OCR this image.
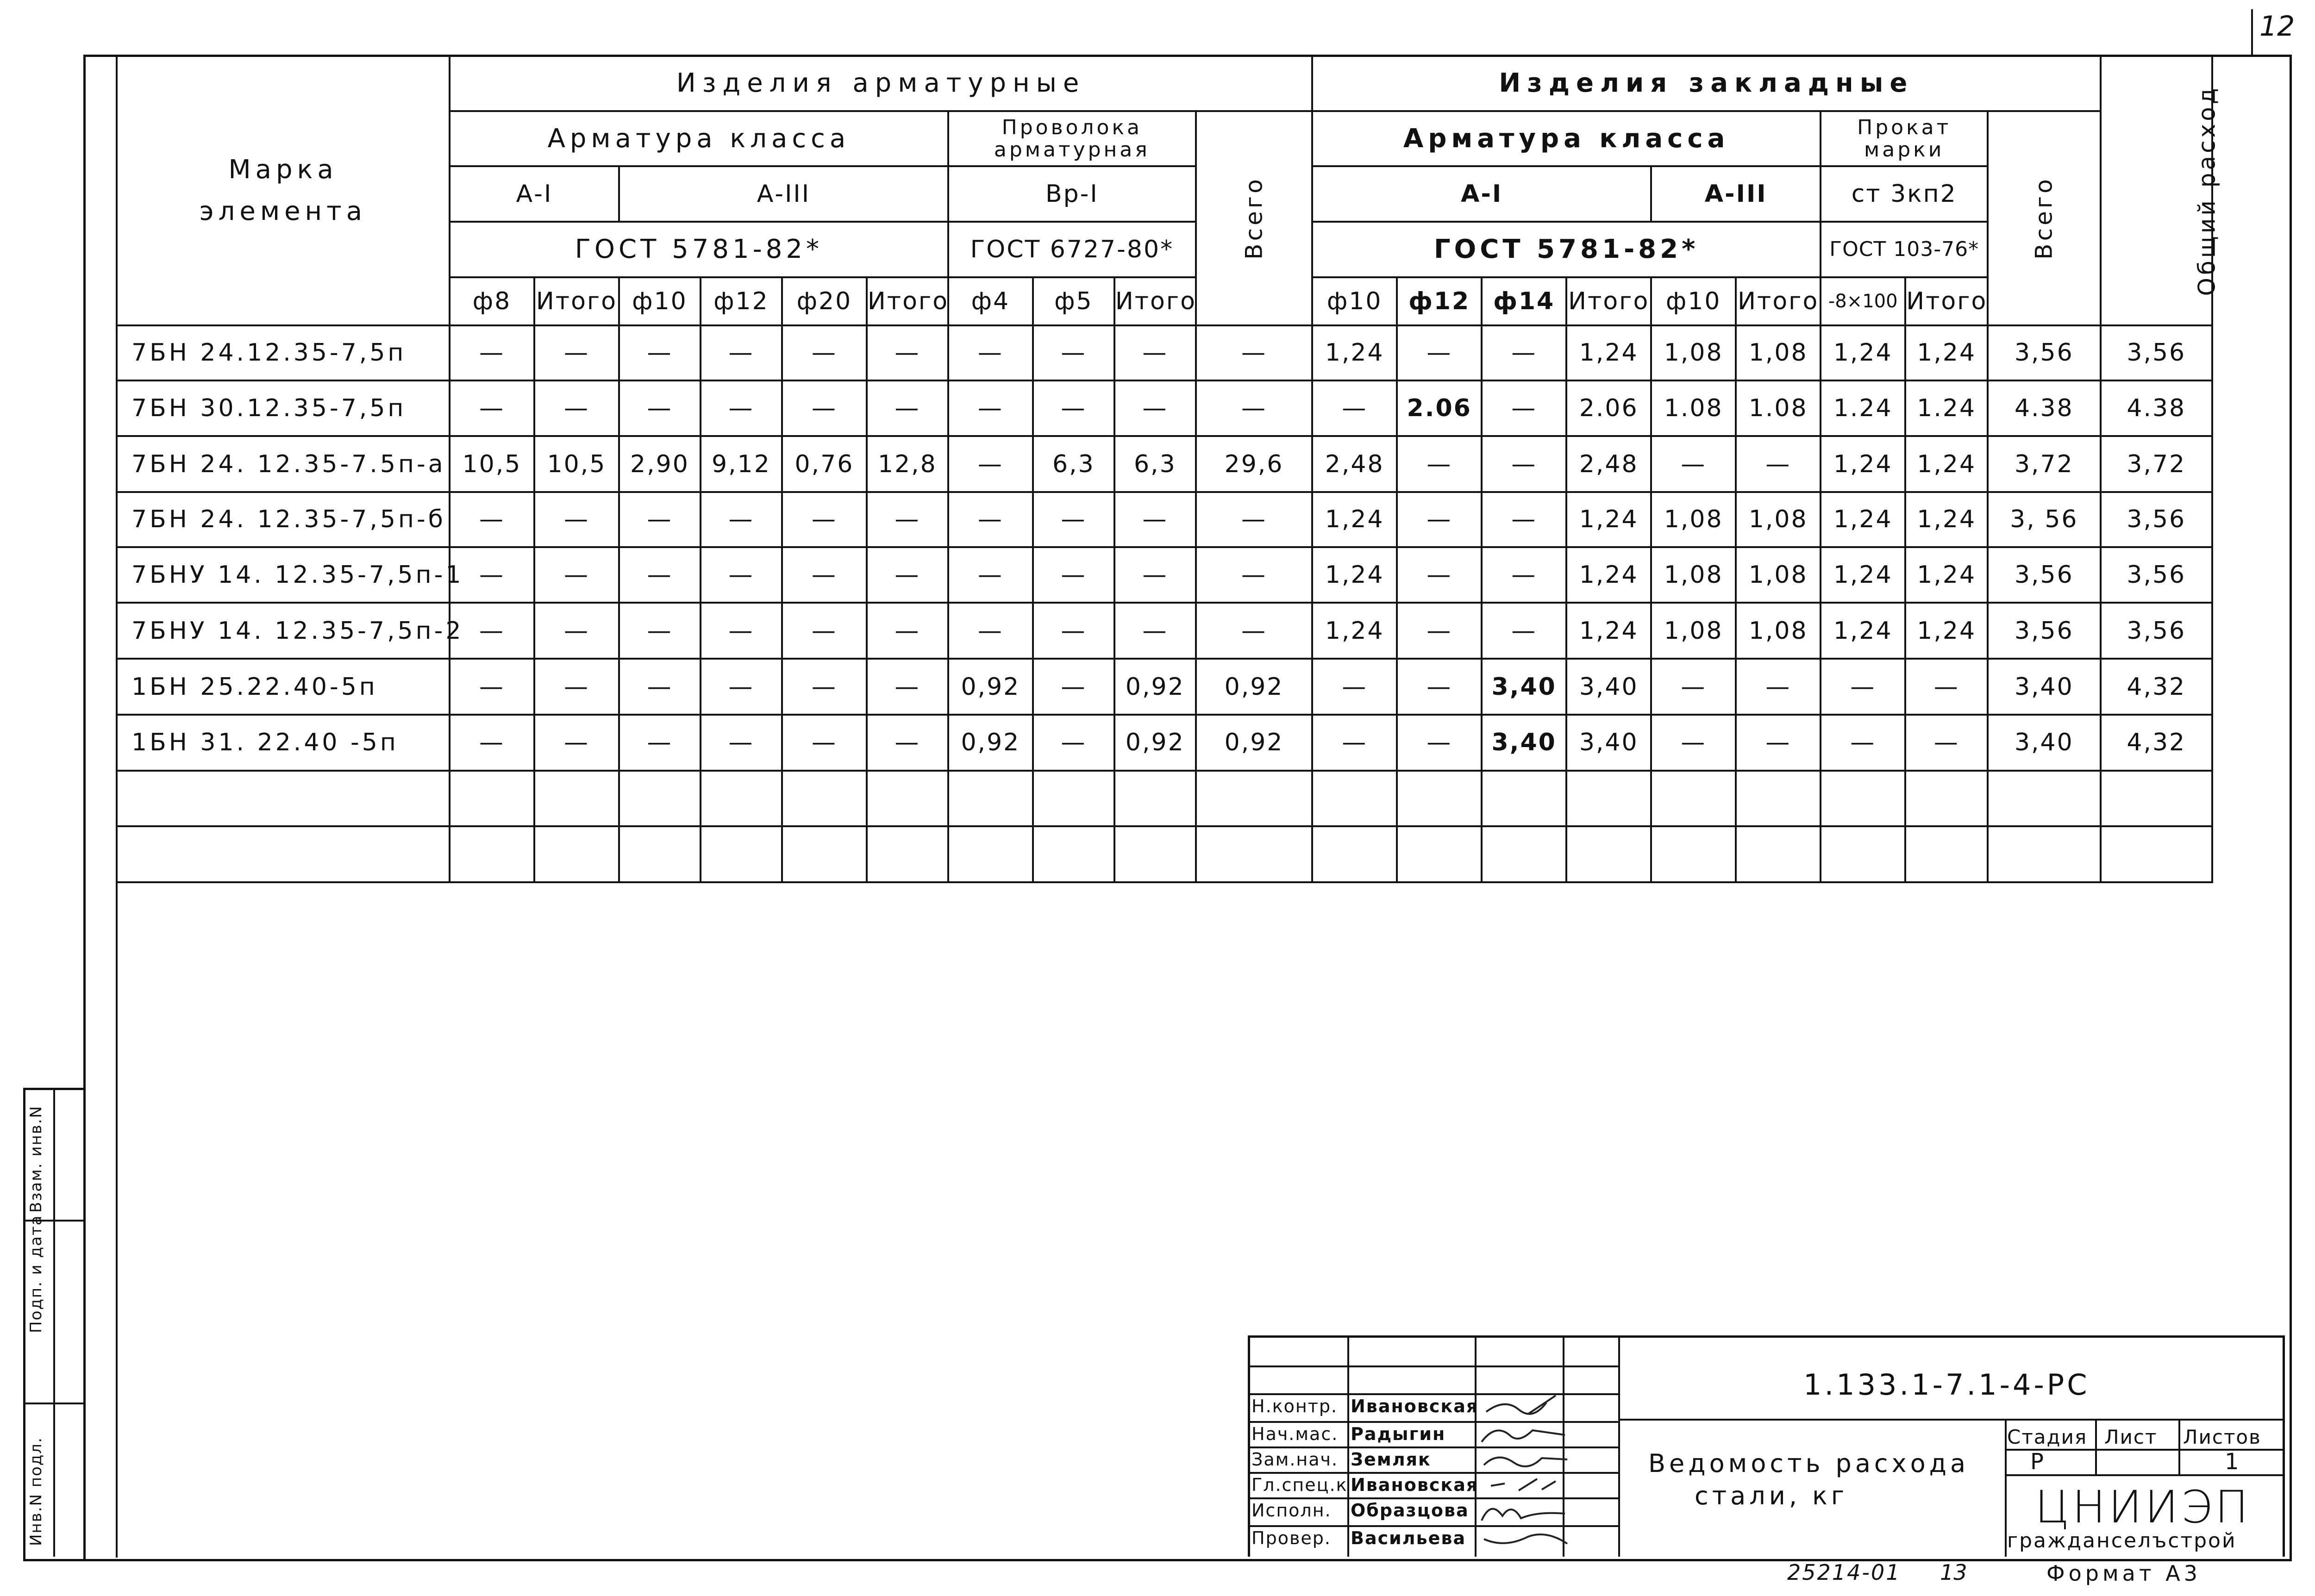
12
Марка
элемента	Изделия арматурные										Изделия закладные									Общий расход
	Арматура класса						Проволока арматурная			Всего	Арматура класса						Прокат марки		Всего	
	А-I		А-III				Вр-I				А-I				А-III		ст 3кп2			
	ГОСТ 5781-82*						ГОСТ 6727-80*				ГОСТ 5781-82*						ГОСТ 103-76*			
	ф8	Итого	ф10	ф12	ф20	Итого	ф4	ф5	Итого		ф10	ф12	ф14	Итого	ф10	Итого	-8×100	Итого		
7БН 24.12.35-7,5п	—	—	—	—	—	—	—	—	—	—	1,24	—	—	1,24	1,08	1,08	1,24	1,24	3,56	3,56
7БН 30.12.35-7,5п	—	—	—	—	—	—	—	—	—	—	—	2.06	—	2.06	1.08	1.08	1.24	1.24	4.38	4.38
7БН 24. 12.35-7.5п-а	10,5	10,5	2,90	9,12	0,76	12,8	—	6,3	6,3	29,6	2,48	—	—	2,48	—	—	1,24	1,24	3,72	3,72
7БН 24. 12.35-7,5п-б	—	—	—	—	—	—	—	—	—	—	1,24	—	—	1,24	1,08	1,08	1,24	1,24	3, 56	3,56
7БНУ 14. 12.35-7,5п-1	—	—	—	—	—	—	—	—	—	—	1,24	—	—	1,24	1,08	1,08	1,24	1,24	3,56	3,56
7БНУ 14. 12.35-7,5п-2	—	—	—	—	—	—	—	—	—	—	1,24	—	—	1,24	1,08	1,08	1,24	1,24	3,56	3,56
1БН 25.22.40-5п	—	—	—	—	—	—	0,92	—	0,92	0,92	—	—	3,40	3,40	—	—	—	—	3,40	4,32
1БН 31. 22.40 -5п	—	—	—	—	—	—	0,92	—	0,92	0,92	—	—	3,40	3,40	—	—	—	—	3,40	4,32

Взам. инв.N
Подп. и дата
Инв.N подл.
1.133.1-7.1-4-РС
Ведомость расхода
стали, кг
Стадия Лист Листов
Р	1
ЦНИИЭП
гражданселъстрой
Н.контр. Ивановская
Нач.мас. Радыгин
Зам.нач. Земляк
Гл.спец.к Ивановская
Исполн. Образцова
Провер. Васильева
25214-01 13	Формат А3
